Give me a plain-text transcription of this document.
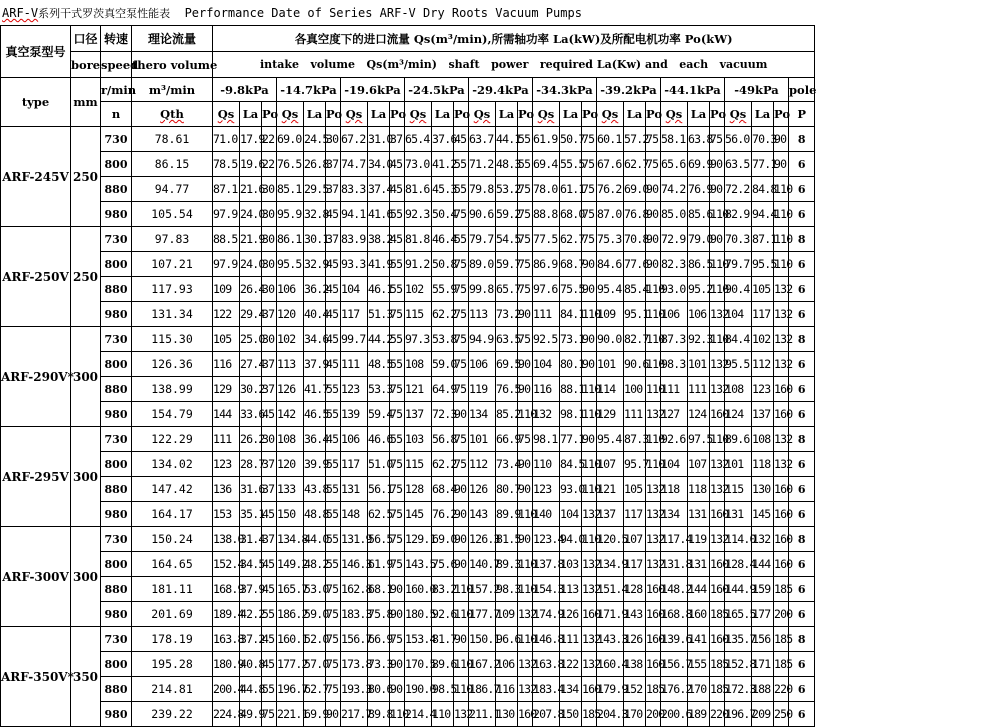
ARF-V系列干式罗茨真空泵性能表 Performance Date of Series ARF-V Dry Roots Vacuum Pumps
真空泵型号	口径	转速	理论流量	各真空度下的进口流量 Qs(m³/min),所需轴功率 La(kW)及所配电机功率 Po(kW)																											
	bore	speed	thero volume	intake   volume   Qs(m³/min)   shaft   power   required La(Kw) and   each   vacuum																											
type	mm	r/min	m³/min	-9.8kPa			-14.7kPa			-19.6kPa			-24.5kPa			-29.4kPa			-34.3kPa			-39.2kPa			-44.1kPa			-49kPa			pole
		n	Qth	Qs	La	Po	Qs	La	Po	Qs	La	Po	Qs	La	Po	Qs	La	Po	Qs	La	Po	Qs	La	Po	Qs	La	Po	Qs	La	Po	P
ARF-245V	250	730	78.61	71.0	17.9	22	69.0	24.5	30	67.2	31.0	37	65.4	37.6	45	63.7	44.1	55	61.9	50.7	75	60.1	57.2	75	58.1	63.8	75	56.0	70.3	90	8
		800	86.15	78.5	19.6	22	76.5	26.8	37	74.7	34.0	45	73.0	41.2	55	71.2	48.3	55	69.4	55.5	75	67.6	62.7	75	65.6	69.9	90	63.5	77.1	90	6
		880	94.77	87.1	21.6	30	85.1	29.5	37	83.3	37.4	45	81.6	45.3	55	79.8	53.2	75	78.0	61.1	75	76.2	69.0	90	74.2	76.9	90	72.2	84.8	110	6
		980	105.54	97.9	24.0	30	95.9	32.8	45	94.1	41.6	55	92.3	50.4	75	90.6	59.2	75	88.8	68.0	75	87.0	76.8	90	85.0	85.6	110	82.9	94.4	110	6
ARF-250V	250	730	97.83	88.5	21.9	30	86.1	30.1	37	83.9	38.2	45	81.8	46.4	55	79.7	54.5	75	77.5	62.7	75	75.3	70.8	90	72.9	79.0	90	70.3	87.1	110	8
		800	107.21	97.9	24.0	30	95.5	32.9	45	93.3	41.9	55	91.2	50.8	75	89.0	59.7	75	86.9	68.7	90	84.6	77.6	90	82.3	86.5	110	79.7	95.5	110	6
		880	117.93	109	26.4	30	106	36.2	45	104	46.1	55	102	55.9	75	99.8	65.7	75	97.6	75.5	90	95.4	85.4	110	93.0	95.2	110	90.4	105	132	6
		980	131.34	122	29.4	37	120	40.4	45	117	51.3	75	115	62.2	75	113	73.2	90	111	84.1	110	109	95.1	110	106	106	132	104	117	132	6
ARF-290V*	300	730	115.30	105	25.0	30	102	34.6	45	99.7	44.2	55	97.3	53.8	75	94.9	63.5	75	92.5	73.1	90	90.0	82.7	110	87.3	92.3	110	84.4	102	132	8
		800	126.36	116	27.4	37	113	37.9	45	111	48.5	55	108	59.0	75	106	69.5	90	104	80.1	90	101	90.6	110	98.3	101	132	95.5	112	132	6
		880	138.99	129	30.2	37	126	41.7	55	123	53.3	75	121	64.9	75	119	76.5	90	116	88.1	110	114	100	110	111	111	132	108	123	160	6
		980	154.79	144	33.6	45	142	46.5	55	139	59.4	75	137	72.3	90	134	85.2	110	132	98.1	110	129	111	132	127	124	160	124	137	160	6
ARF-295V	300	730	122.29	111	26.2	30	108	36.4	45	106	46.6	55	103	56.8	75	101	66.9	75	98.1	77.1	90	95.4	87.3	110	92.6	97.5	110	89.6	108	132	8
		800	134.02	123	28.7	37	120	39.9	55	117	51.0	75	115	62.2	75	112	73.4	90	110	84.5	110	107	95.7	110	104	107	132	101	118	132	6
		880	147.42	136	31.6	37	133	43.8	55	131	56.1	75	128	68.4	90	126	80.7	90	123	93.0	110	121	105	132	118	118	132	115	130	160	6
		980	164.17	153	35.1	45	150	48.8	55	148	62.5	75	145	76.2	90	143	89.9	110	140	104	132	137	117	132	134	131	160	131	145	160	6
ARF-300V	300	730	150.24	138.0	31.4	37	134.8	44.0	55	131.9	56.5	75	129.1	69.0	90	126.3	81.5	90	123.4	94.0	110	120.5	107	132	117.4	119	132	114.0	132	160	8
		800	164.65	152.4	34.5	45	149.2	48.2	55	146.3	61.9	75	143.5	75.6	90	140.7	89.3	110	137.8	103	132	134.9	117	132	131.8	131	160	128.4	144	160	6
		880	181.11	168.9	37.9	45	165.7	53.0	75	162.8	68.1	90	160.0	83.2	110	157.2	98.3	110	154.3	113	132	151.4	128	160	148.2	144	160	144.9	159	185	6
		980	201.69	189.4	42.2	55	186.2	59.0	75	183.3	75.8	90	180.5	92.6	110	177.7	109	132	174.9	126	160	171.9	143	160	168.8	160	185	165.5	177	200	6
ARF-350V*	350	730	178.19	163.8	37.2	45	160.1	52.0	75	156.7	66.9	75	153.4	81.7	90	150.1	96.6	110	146.8	111	132	143.3	126	160	139.6	141	160	135.7	156	185	8
		800	195.28	180.9	40.8	45	177.2	57.0	75	173.8	73.3	90	170.5	89.6	110	167.2	106	132	163.8	122	132	160.4	138	160	156.7	155	185	152.8	171	185	6
		880	214.81	200.4	44.8	55	196.7	62.7	75	193.3	80.6	90	190.0	98.5	110	186.7	116	132	183.4	134	160	179.9	152	185	176.2	170	185	172.3	188	220	6
		980	239.22	224.8	49.9	75	221.1	69.9	90	217.7	89.8	110	214.4	110	132	211.1	130	160	207.8	150	185	204.3	170	200	200.6	189	220	196.7	209	250	6
